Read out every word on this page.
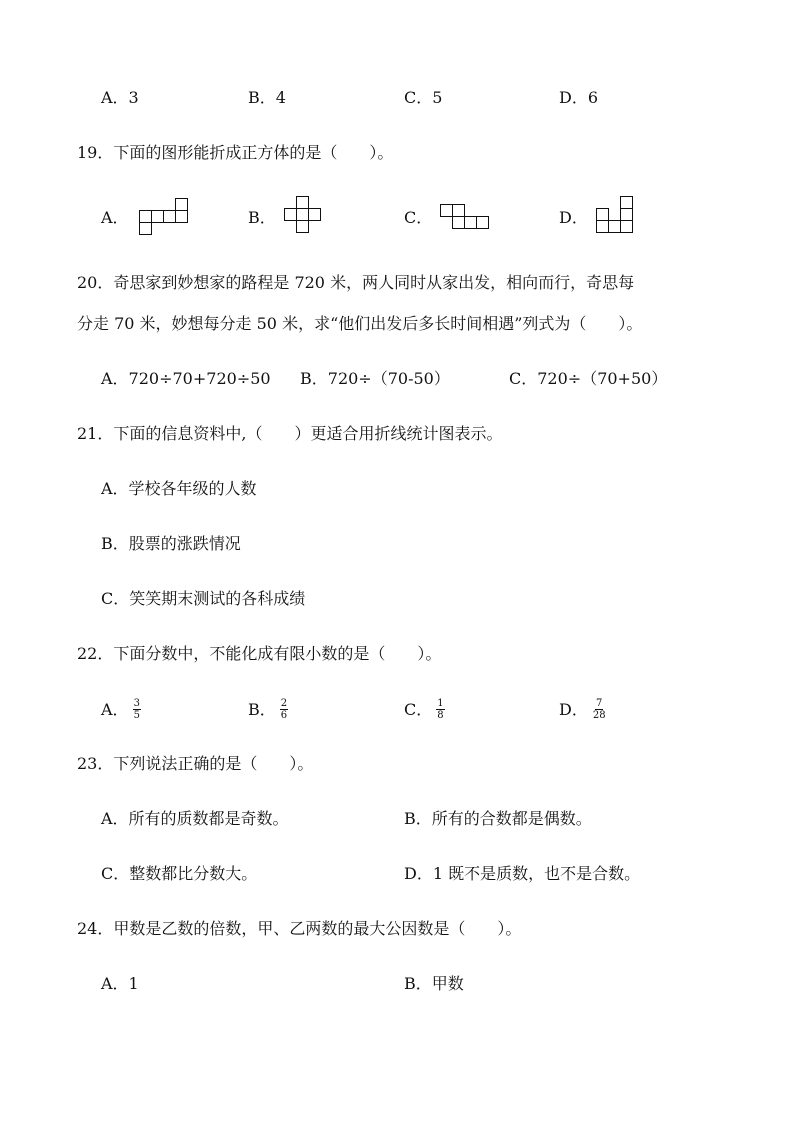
A．3	B．4	C．5	D．6
19．下面的图形能折成正方体的是（　　）。
A．	B．	C．	D．
20．奇思家到妙想家的路程是 720 米，两人同时从家出发，相向而行，奇思每
分走 70 米，妙想每分走 50 米，求“他们出发后多长时间相遇”列式为（　　）。
A．720÷70+720÷50 B．720÷（70-50）	C．720÷（70+50）
21．下面的信息资料中,（　　）更适合用折线统计图表示。
A．学校各年级的人数
B．股票的涨跌情况
C．笑笑期末测试的各科成绩
22．下面分数中，不能化成有限小数的是（　　）。
A． $\frac{3}{5}$	B． $\frac{2}{6}$	C． $\frac{1}{8}$	D． $\frac{7}{28}$
23．下列说法正确的是（　　）。
A．所有的质数都是奇数。	B．所有的合数都是偶数。
C．整数都比分数大。	D．1 既不是质数，也不是合数。
24．甲数是乙数的倍数，甲、乙两数的最大公因数是（　　）。
A．1	B．甲数
